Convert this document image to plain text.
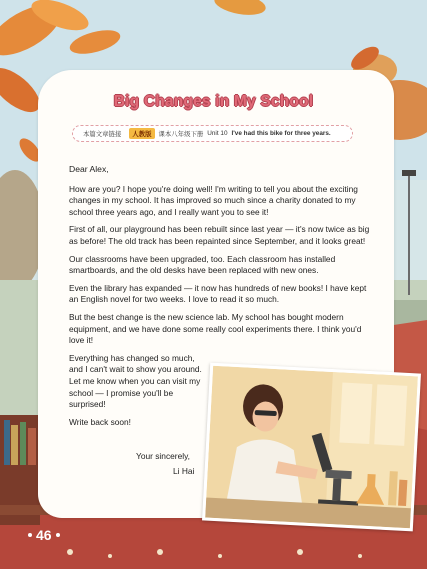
Big Changes in My School
本篇文章链接	人教版	课本八年级下册 Unit 10 I've had this bike for three years.

Dear Alex,

How are you? I hope you're doing well! I'm writing to tell you about the exciting changes in my school. It has improved so much since a charity donated to my school three years ago, and I really want you to see it!

First of all, our playground has been rebuilt since last year — it's now twice as big as before! The old track has been repainted since September, and it looks great!

Our classrooms have been upgraded, too. Each classroom has installed smartboards, and the old desks have been replaced with new ones.

Even the library has expanded — it now has hundreds of new books! I have kept an English novel for two weeks. I love to read it so much.

But the best change is the new science lab. My school has bought modern equipment, and we have done some really cool experiments there. I think you'd love it!

Everything has changed so much, and I can't wait to show you around. Let me know when you can visit my school — I promise you'll be surprised!

Write back soon!

Your sincerely,
Li Hai
46
